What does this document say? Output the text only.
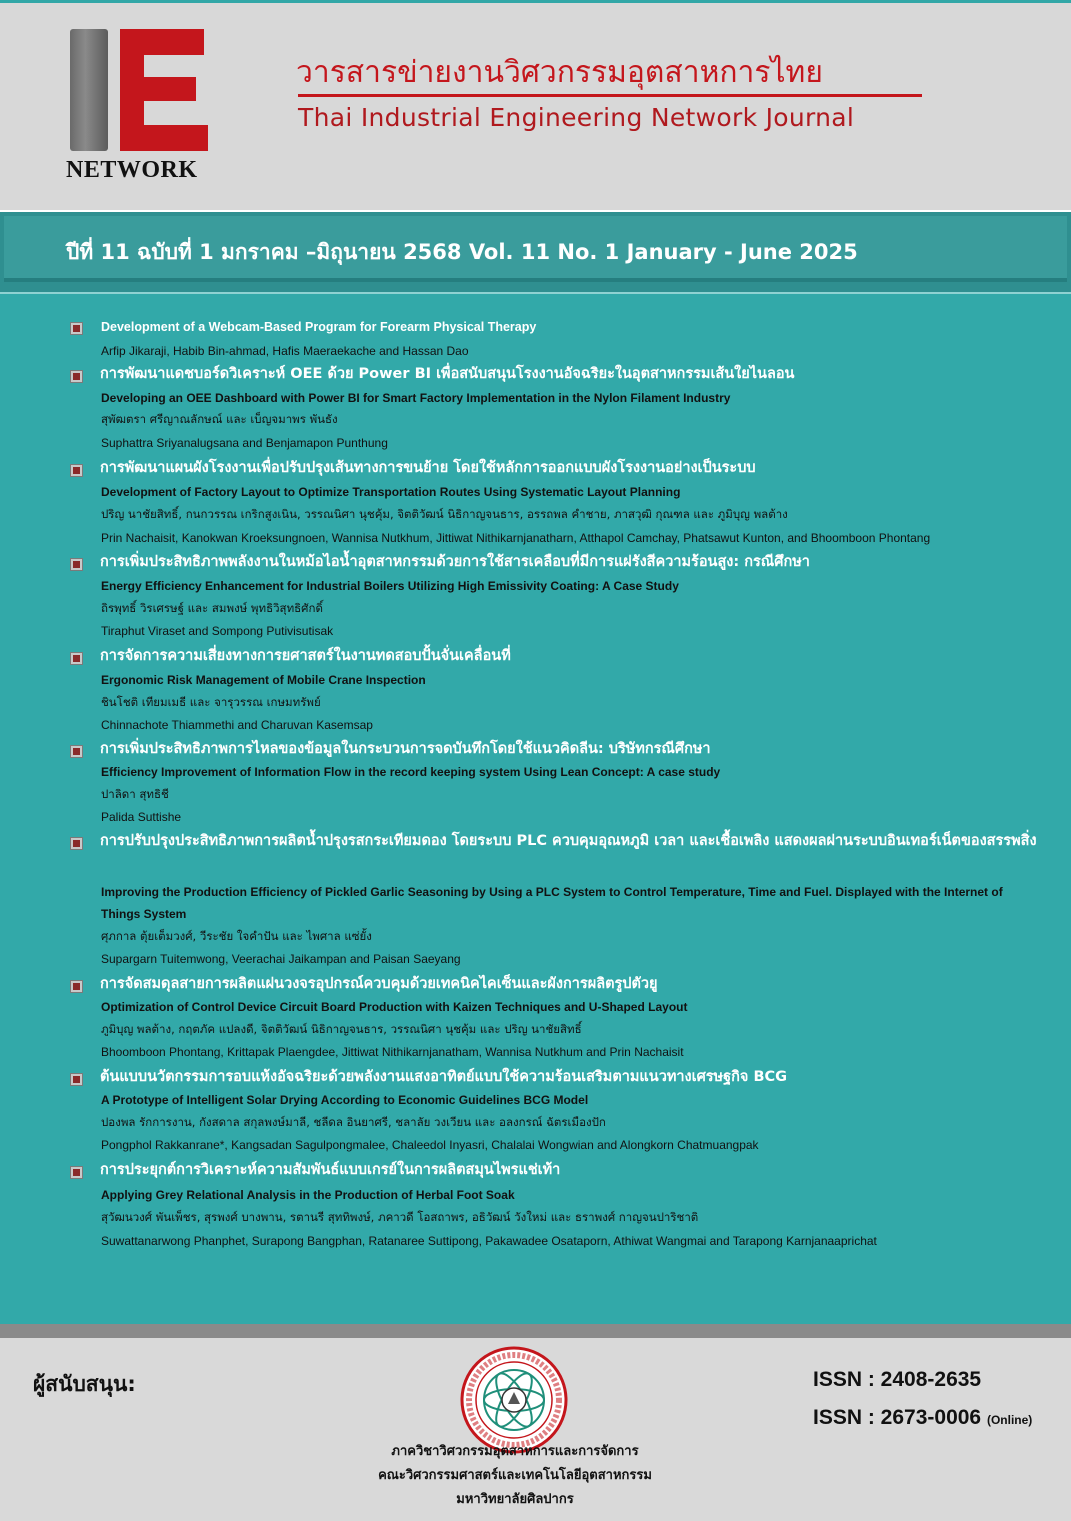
NETWORK
วารสารข่ายงานวิศวกรรมอุตสาหการไทย
Thai Industrial Engineering Network Journal
ปีที่ 11 ฉบับที่ 1 มกราคม –มิถุนายน 2568 Vol. 11 No. 1 January - June 2025
Development of a Webcam-Based Program for Forearm Physical Therapy
Arfip Jikaraji, Habib Bin-ahmad, Hafis Maeraekache and Hassan Dao
การพัฒนาแดชบอร์ดวิเคราะห์ OEE ด้วย Power BI เพื่อสนับสนุนโรงงานอัจฉริยะในอุตสาหกรรมเส้นใยไนลอน
Developing an OEE Dashboard with Power BI for Smart Factory Implementation in the Nylon Filament Industry
สุพัฒตรา ศรีญาณลักษณ์ และ เบ็ญจมาพร พันธัง
Suphattra Sriyanalugsana and Benjamapon Punthung
การพัฒนาแผนผังโรงงานเพื่อปรับปรุงเส้นทางการขนย้าย โดยใช้หลักการออกแบบผังโรงงานอย่างเป็นระบบ
Development of Factory Layout to Optimize Transportation Routes Using Systematic Layout Planning
ปริญ นาชัยสิทธิ์, กนกวรรณ เกริกสูงเนิน, วรรณนิศา นุชคุ้ม, จิตติวัฒน์ นิธิกาญจนธาร, อรรถพล คำชาย, ภาสวุฒิ กุณฑล และ ภูมิบุญ พลต้าง
Prin Nachaisit, Kanokwan Kroeksungnoen, Wannisa Nutkhum, Jittiwat Nithikarnjanatharn, Atthapol Camchay, Phatsawut Kunton, and Bhoomboon Phontang
การเพิ่มประสิทธิภาพพลังงานในหม้อไอน้ำอุตสาหกรรมด้วยการใช้สารเคลือบที่มีการแผ่รังสีความร้อนสูง: กรณีศึกษา
Energy Efficiency Enhancement for Industrial Boilers Utilizing High Emissivity Coating: A Case Study
ถิรพุทธิ์ วิรเศรษฐ์ และ สมพงษ์ พุทธิวิสุทธิศักดิ์
Tiraphut Viraset and Sompong Putivisutisak
การจัดการความเสี่ยงทางการยศาสตร์ในงานทดสอบปั้นจั่นเคลื่อนที่
Ergonomic Risk Management of Mobile Crane Inspection
ชินโชติ เทียมเมธี และ จารุวรรณ เกษมทรัพย์
Chinnachote Thiammethi and Charuvan Kasemsap
การเพิ่มประสิทธิภาพการไหลของข้อมูลในกระบวนการจดบันทึกโดยใช้แนวคิดลีน: บริษัทกรณีศึกษา
Efficiency Improvement of Information Flow in the record keeping system Using Lean Concept: A case study
ปาลิดา สุทธิชี
Palida Suttishe
การปรับปรุงประสิทธิภาพการผลิตน้ำปรุงรสกระเทียมดอง โดยระบบ PLC ควบคุมอุณหภูมิ เวลา และเชื้อเพลิง แสดงผลผ่านระบบอินเทอร์เน็ตของสรรพสิ่ง
Improving the Production Efficiency of Pickled Garlic Seasoning by Using a PLC System to Control Temperature, Time and Fuel. Displayed with the Internet of Things System
ศุภกาล ตุ้ยเต็มวงศ์, วีระชัย ใจคำปัน และ ไพศาล แซ่ยั้ง
Supargarn Tuitemwong, Veerachai Jaikampan and Paisan Saeyang
การจัดสมดุลสายการผลิตแผ่นวงจรอุปกรณ์ควบคุมด้วยเทคนิคไคเซ็นและผังการผลิตรูปตัวยู
Optimization of Control Device Circuit Board Production with Kaizen Techniques and U-Shaped Layout
ภูมิบุญ พลต้าง, กฤตภัค แปลงดี, จิตติวัฒน์ นิธิกาญจนธาร, วรรณนิศา นุชคุ้ม และ ปริญ นาชัยสิทธิ์
Bhoomboon Phontang, Krittapak Plaengdee, Jittiwat Nithikarnjanatham, Wannisa Nutkhum and Prin Nachaisit
ต้นแบบนวัตกรรมการอบแห้งอัจฉริยะด้วยพลังงานแสงอาทิตย์แบบใช้ความร้อนเสริมตามแนวทางเศรษฐกิจ BCG
A Prototype of Intelligent Solar Drying According to Economic Guidelines BCG Model
ปองพล รักการงาน, กังสดาล สกุลพงษ์มาลี, ชลีดล อินยาศรี, ชลาลัย วงเวียน และ อลงกรณ์ ฉัตรเมืองปัก
Pongphol Rakkanrane*, Kangsadan Sagulpongmalee, Chaleedol Inyasri, Chalalai Wongwian and Alongkorn Chatmuangpak
การประยุกต์การวิเคราะห์ความสัมพันธ์แบบเกรย์ในการผลิตสมุนไพรแช่เท้า
Applying Grey Relational Analysis in the Production of Herbal Foot Soak
สุวัฒนวงศ์ พันเพ็ชร, สุรพงศ์ บางพาน, รตานรี สุททิพงษ์, ภคาวดี โอสถาพร, อธิวัฒน์ วังใหม่ และ ธราพงศ์ กาญจนปาริชาติ
Suwattanarwong Phanphet, Surapong Bangphan, Ratanaree Suttipong, Pakawadee Osataporn, Athiwat Wangmai and Tarapong Karnjanaaprichat
ผู้สนับสนุน:
ภาควิชาวิศวกรรมอุตสาหการและการจัดการ
คณะวิศวกรรมศาสตร์และเทคโนโลยีอุตสาหกรรม
มหาวิทยาลัยศิลปากร
ISSN : 2408-2635
ISSN : 2673-0006 (Online)
